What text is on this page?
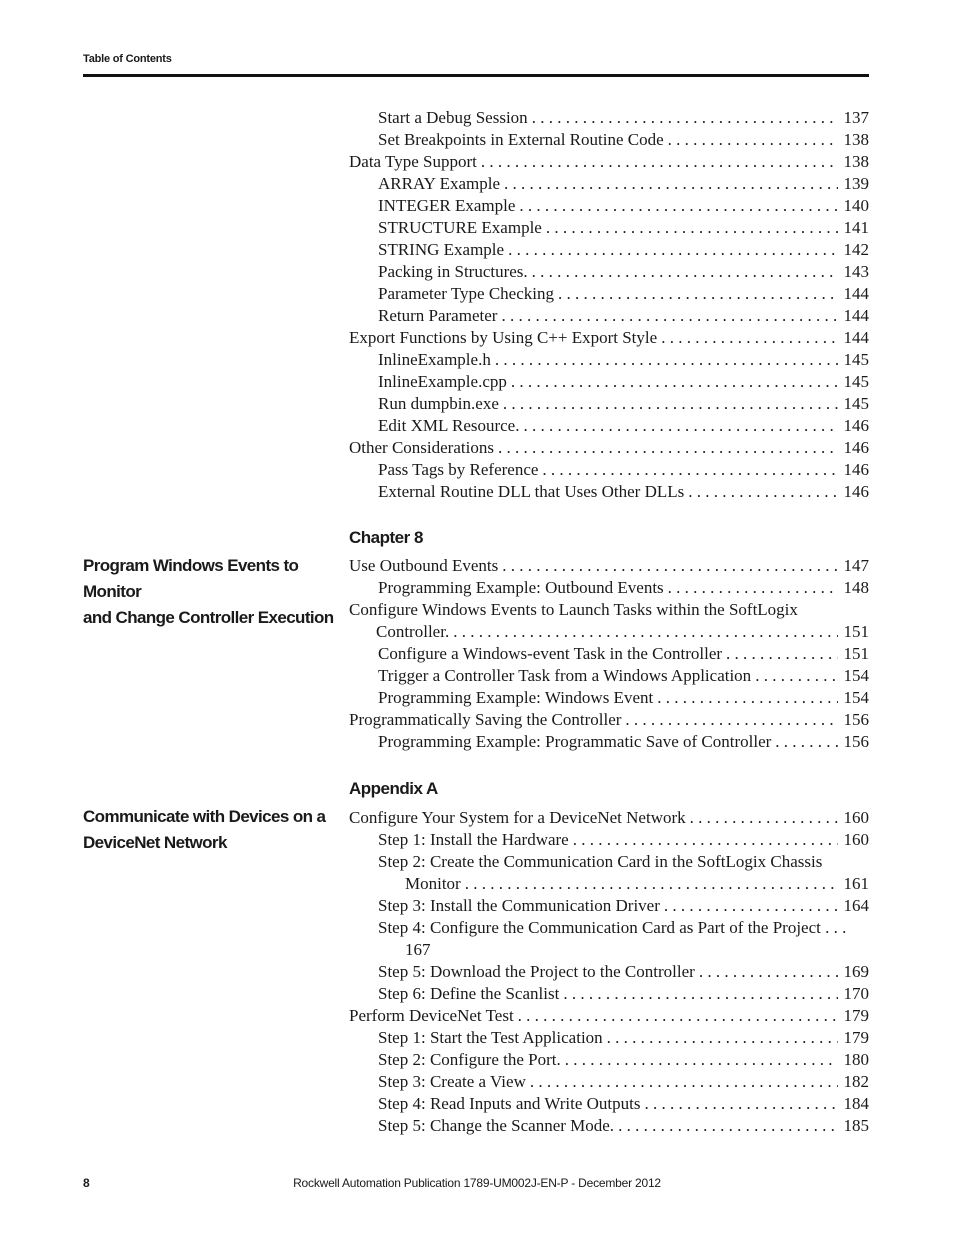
Table of Contents
Start a Debug Session . . .	137
Set Breakpoints in External Routine Code . . .	138
Data Type Support . . .	138
ARRAY Example . . .	139
INTEGER Example . . .	140
STRUCTURE Example . . .	141
STRING Example . . .	142
Packing in Structures. . . .	143
Parameter Type Checking . . .	144
Return Parameter . . .	144
Export Functions by Using C++ Export Style . . .	144
InlineExample.h . . .	145
InlineExample.cpp . . .	145
Run dumpbin.exe . . .	145
Edit XML Resource. . . .	146
Other Considerations . . .	146
Pass Tags by Reference . . .	146
External Routine DLL that Uses Other DLLs . . .	146
Chapter 8
Program Windows Events to Monitor
and Change Controller Execution
Use Outbound Events . . .	147
Programming Example: Outbound Events . . .	148
Configure Windows Events to Launch Tasks within the SoftLogix
Controller. . . .	151
Configure a Windows-event Task in the Controller . . .	151
Trigger a Controller Task from a Windows Application . . .	154
Programming Example: Windows Event . . .	154
Programmatically Saving the Controller . . .	156
Programming Example: Programmatic Save of Controller . . .	156
Appendix A
Communicate with Devices on a
DeviceNet Network
Configure Your System for a DeviceNet Network . . .	160
Step 1: Install the Hardware . . .	160
Step 2: Create the Communication Card in the SoftLogix Chassis
Monitor . . .	161
Step 3: Install the Communication Driver . . .	164
Step 4: Configure the Communication Card as Part of the Project . . .
167
Step 5: Download the Project to the Controller . . .	169
Step 6: Define the Scanlist . . .	170
Perform DeviceNet Test . . .	179
Step 1: Start the Test Application . . .	179
Step 2: Configure the Port. . . .	180
Step 3: Create a View . . .	182
Step 4: Read Inputs and Write Outputs . . .	184
Step 5: Change the Scanner Mode. . . .	185
8	Rockwell Automation Publication 1789-UM002J-EN-P - December 2012
